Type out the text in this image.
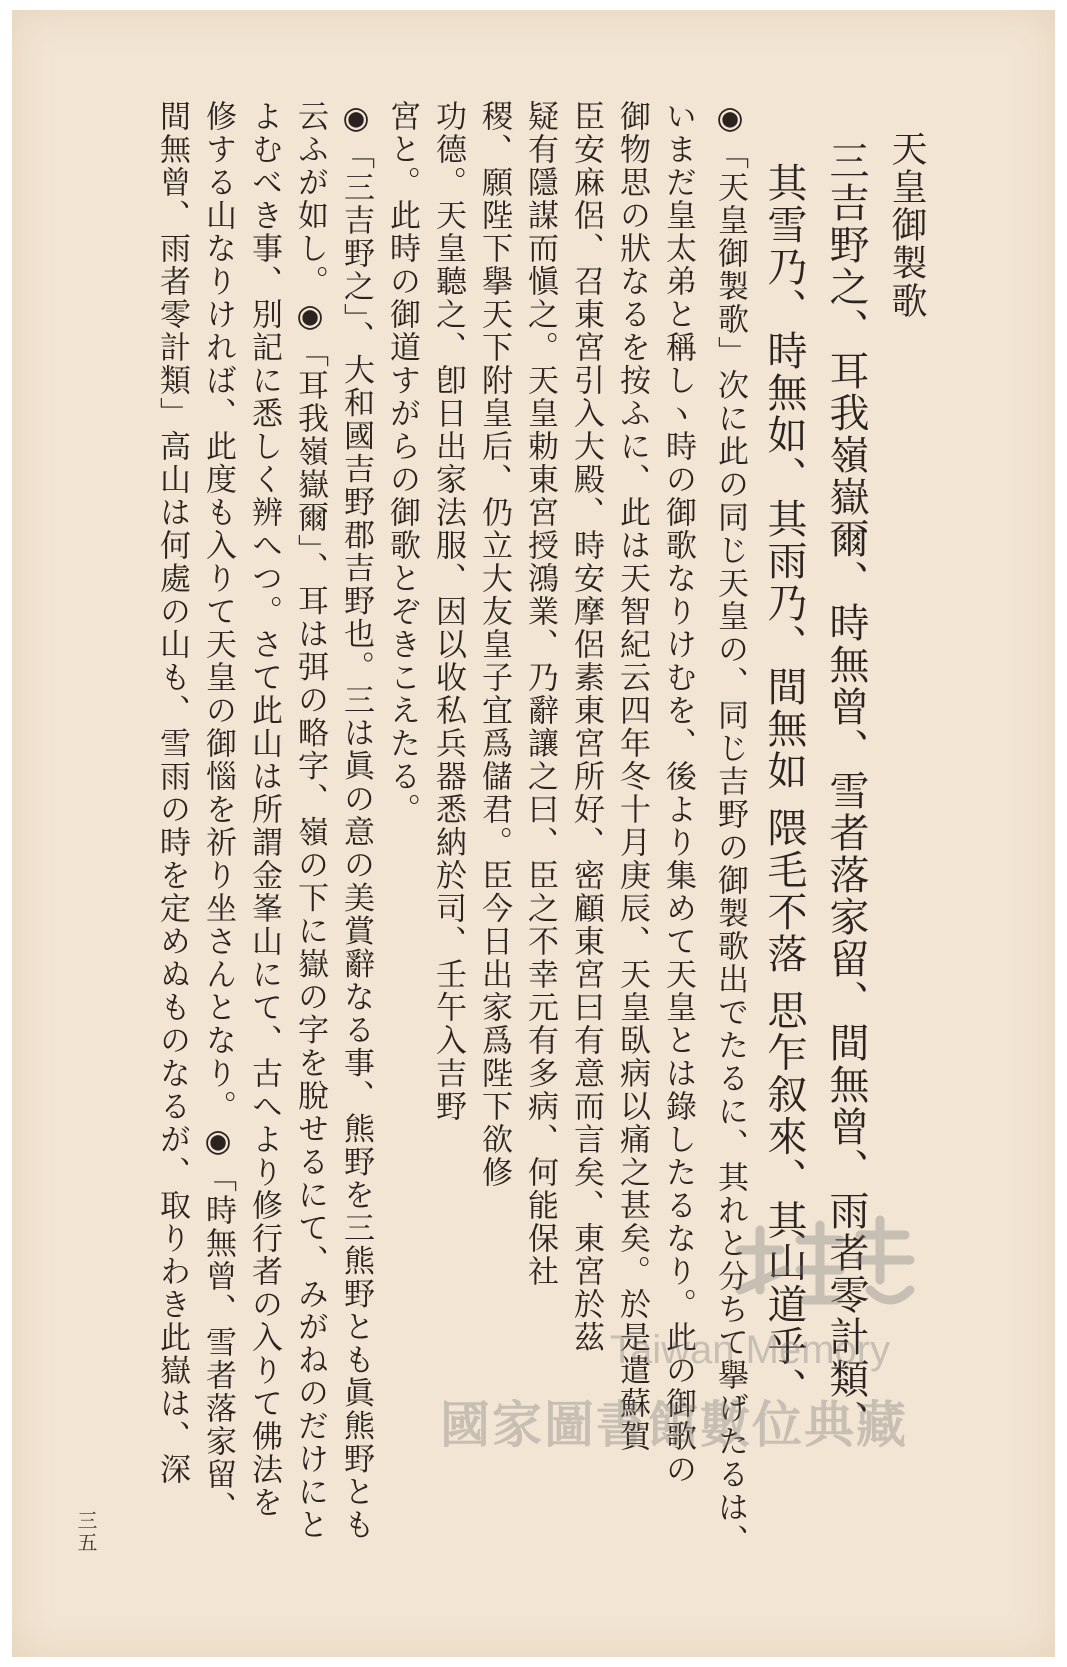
天皇御製歌
三吉野之、耳我嶺嶽爾、時無曾、雪者落家留、間無曾、雨者零計類、
其雪乃、時無如、其雨乃、間無如 隈毛不落 思乍叙來、其山道乎、
◉「天皇御製歌」次に此の同じ天皇の、同じ吉野の御製歌出でたるに、其れと分ちて擧げたるは、
いまだ皇太弟と稱しヽ時の御歌なりけむを、後より集めて天皇とは錄したるなり。此の御歌の
御物思の狀なるを按ふに、此は天智紀云四年冬十月庚辰、天皇臥病以痛之甚矣。於是遣蘇賀
臣安麻侶、召東宮引入大殿、時安摩侶素東宮所好、密顧東宮曰有意而言矣、東宮於茲
疑有隱謀而愼之。天皇勅東宮授鴻業、乃辭讓之曰、臣之不幸元有多病、何能保社
稷、願陛下擧天下附皇后、仍立大友皇子宜爲儲君。臣今日出家爲陛下欲修
功德。天皇聽之、卽日出家法服、因以收私兵器悉納於司、壬午入吉野
宮と。此時の御道すがらの御歌とぞきこえたる。
◉「三吉野之」、大和國吉野郡吉野也。三は眞の意の美賞辭なる事、熊野を三熊野とも眞熊野とも
云ふが如し。◉「耳我嶺嶽爾」、耳は弭の略字、嶺の下に嶽の字を脫せるにて、みがねのだけにと
よむべき事、別記に悉しく辨へつ。さて此山は所謂金峯山にて、古へより修行者の入りて佛法を
修する山なりければ、此度も入りて天皇の御惱を祈り坐さんとなり。◉「時無曾、雪者落家留、
間無曾、雨者零計類」高山は何處の山も、雪雨の時を定めぬものなるが、取りわき此嶽は、深
三五
Taiwan Memory
國家圖書館數位典藏
